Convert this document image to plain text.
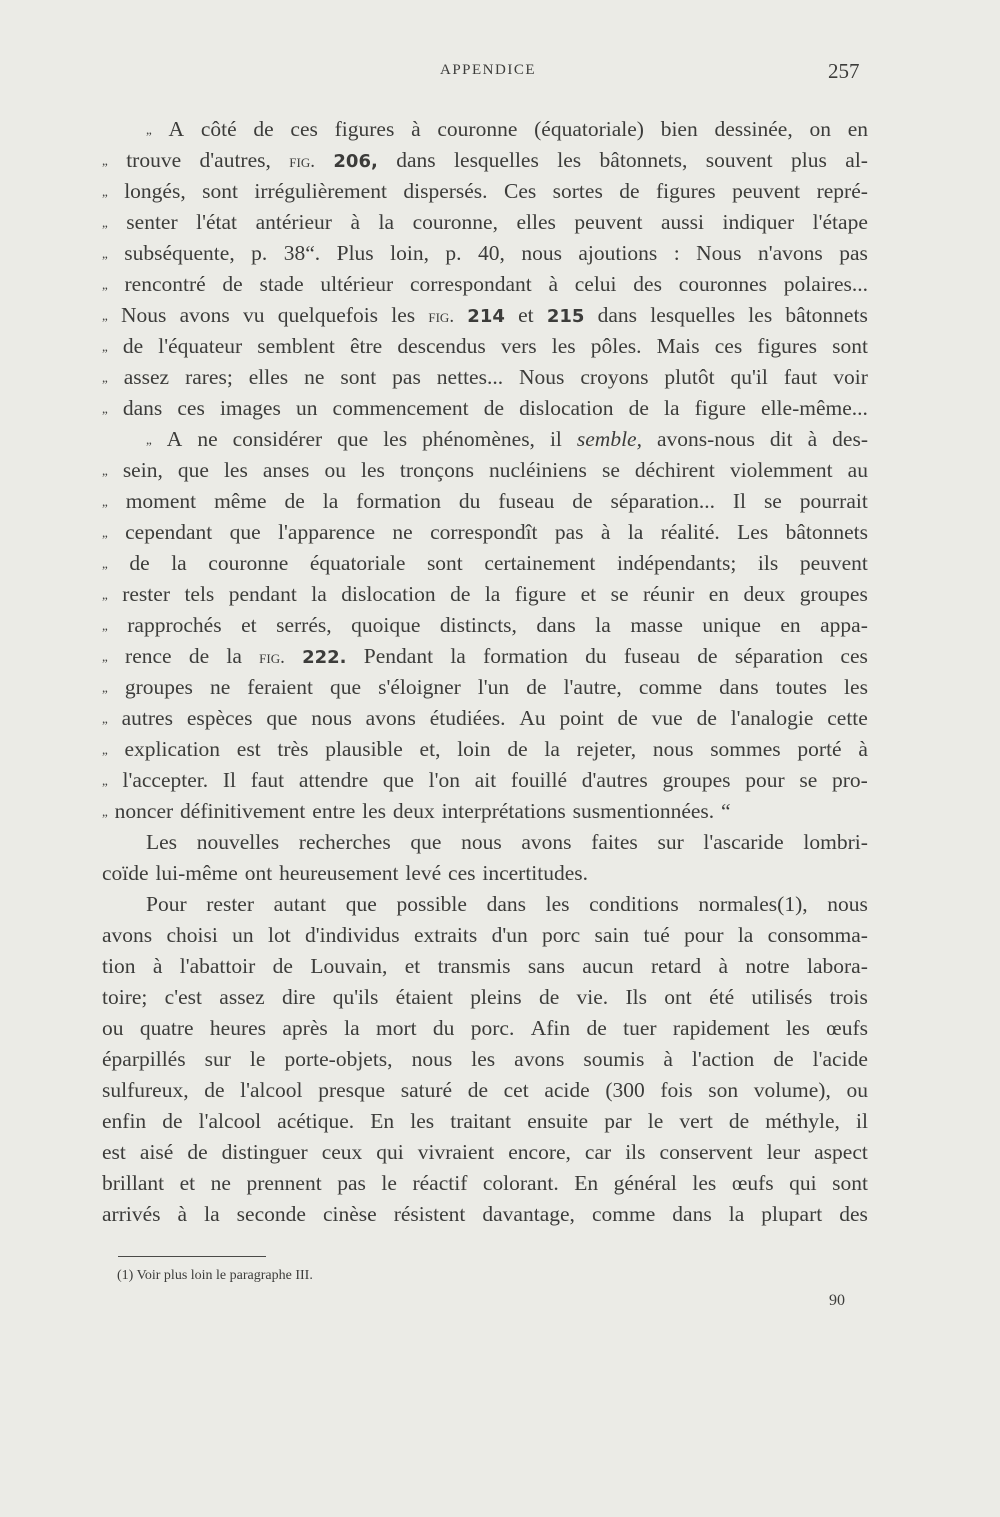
APPENDICE	257
„ A côté de ces figures à couronne (équatoriale) bien dessinée, on en
„ trouve d'autres, fig. 206, dans lesquelles les bâtonnets, souvent plus al-
„ longés, sont irrégulièrement dispersés. Ces sortes de figures peuvent repré-
„ senter l'état antérieur à la couronne, elles peuvent aussi indiquer l'étape
„ subséquente, p. 38“. Plus loin, p. 40, nous ajoutions : Nous n'avons pas
„ rencontré de stade ultérieur correspondant à celui des couronnes polaires...
„ Nous avons vu quelquefois les fig. 214 et 215 dans lesquelles les bâtonnets
„ de l'équateur semblent être descendus vers les pôles. Mais ces figures sont
„ assez rares; elles ne sont pas nettes... Nous croyons plutôt qu'il faut voir
„ dans ces images un commencement de dislocation de la figure elle-même...
„ A ne considérer que les phénomènes, il semble, avons-nous dit à des-
„ sein, que les anses ou les tronçons nucléiniens se déchirent violemment au
„ moment même de la formation du fuseau de séparation... Il se pourrait
„ cependant que l'apparence ne correspondît pas à la réalité. Les bâtonnets
„ de la couronne équatoriale sont certainement indépendants; ils peuvent
„ rester tels pendant la dislocation de la figure et se réunir en deux groupes
„ rapprochés et serrés, quoique distincts, dans la masse unique en appa-
„ rence de la fig. 222. Pendant la formation du fuseau de séparation ces
„ groupes ne feraient que s'éloigner l'un de l'autre, comme dans toutes les
„ autres espèces que nous avons étudiées. Au point de vue de l'analogie cette
„ explication est très plausible et, loin de la rejeter, nous sommes porté à
„ l'accepter. Il faut attendre que l'on ait fouillé d'autres groupes pour se pro-
„ noncer définitivement entre les deux interprétations susmentionnées. “
Les nouvelles recherches que nous avons faites sur l'ascaride lombri-
coïde lui-même ont heureusement levé ces incertitudes.
Pour rester autant que possible dans les conditions normales(1), nous
avons choisi un lot d'individus extraits d'un porc sain tué pour la consomma-
tion à l'abattoir de Louvain, et transmis sans aucun retard à notre labora-
toire; c'est assez dire qu'ils étaient pleins de vie. Ils ont été utilisés trois
ou quatre heures après la mort du porc. Afin de tuer rapidement les œufs
éparpillés sur le porte-objets, nous les avons soumis à l'action de l'acide
sulfureux, de l'alcool presque saturé de cet acide (300 fois son volume), ou
enfin de l'alcool acétique. En les traitant ensuite par le vert de méthyle, il
est aisé de distinguer ceux qui vivraient encore, car ils conservent leur aspect
brillant et ne prennent pas le réactif colorant. En général les œufs qui sont
arrivés à la seconde cinèse résistent davantage, comme dans la plupart des
(1) Voir plus loin le paragraphe III.
90
